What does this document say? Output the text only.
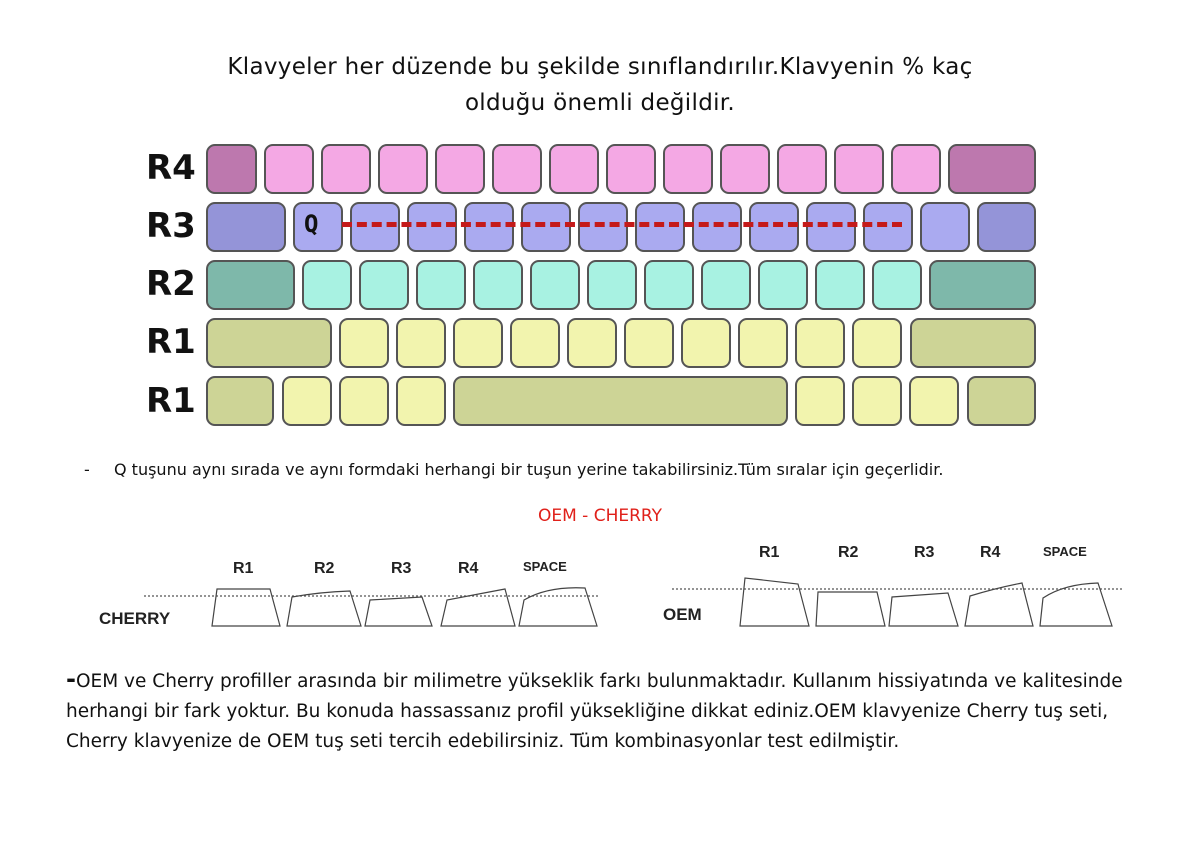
Klavyeler her düzende bu şekilde sınıflandırılır.Klavyenin % kaç
olduğu önemli değildir.
R4
R3
R2
R1
R1
Q
- Q tuşunu aynı sırada ve aynı formdaki herhangi bir tuşun yerine takabilirsiniz.Tüm sıralar için geçerlidir.
OEM - CHERRY
CHERRY
R1	R2	R3	R4	SPACE
OEM
R1	R2	R3	R4	SPACE
-OEM ve Cherry profiller arasında bir milimetre yükseklik farkı bulunmaktadır. Kullanım hissiyatında ve kalitesinde herhangi bir fark yoktur. Bu konuda hassassanız profil yüksekliğine dikkat ediniz.OEM klavyenize Cherry tuş seti, Cherry klavyenize de OEM tuş seti tercih edebilirsiniz. Tüm kombinasyonlar test edilmiştir.
